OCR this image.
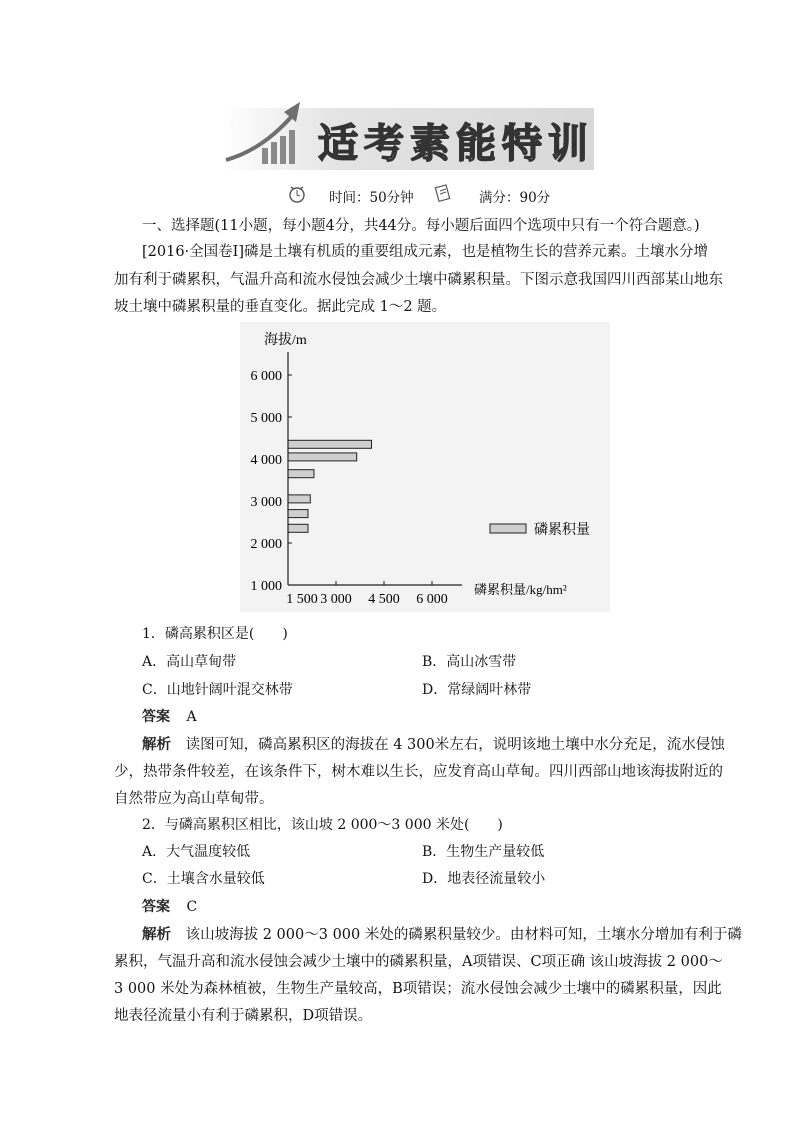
适考素能特训
时间：50分钟	满分：90分
一、选择题(11小题，每小题4分，共44分。每小题后面四个选项中只有一个符合题意。)
[2016·全国卷Ⅰ]磷是土壤有机质的重要组成元素，也是植物生长的营养元素。土壤水分增
加有利于磷累积，气温升高和流水侵蚀会减少土壤中磷累积量。下图示意我国四川西部某山地东
坡土壤中磷累积量的垂直变化。据此完成 1～2 题。
海拔/m
1 000
2 000
3 000
4 000
5 000
6 000
1 500 3 000 4 500 6 000
磷累积量
磷累积量/kg/hm²
1．磷高累积区是(　　)
A．高山草甸带	B．高山冰雪带
C．山地针阔叶混交林带	D．常绿阔叶林带
答案 A
解析 读图可知，磷高累积区的海拔在 4 300米左右，说明该地土壤中水分充足，流水侵蚀
少，热带条件较差，在该条件下，树木难以生长，应发育高山草甸。四川西部山地该海拔附近的
自然带应为高山草甸带。
2．与磷高累积区相比，该山坡 2 000～3 000 米处(　　)
A．大气温度较低	B．生物生产量较低
C．土壤含水量较低	D．地表径流量较小
答案 C
解析 该山坡海拔 2 000～3 000 米处的磷累积量较少。由材料可知，土壤水分增加有利于磷
累积，气温升高和流水侵蚀会减少土壤中的磷累积量，A项错误、C项正确 该山坡海拔 2 000～
3 000 米处为森林植被，生物生产量较高，B项错误；流水侵蚀会减少土壤中的磷累积量，因此
地表径流量小有利于磷累积，D项错误。
